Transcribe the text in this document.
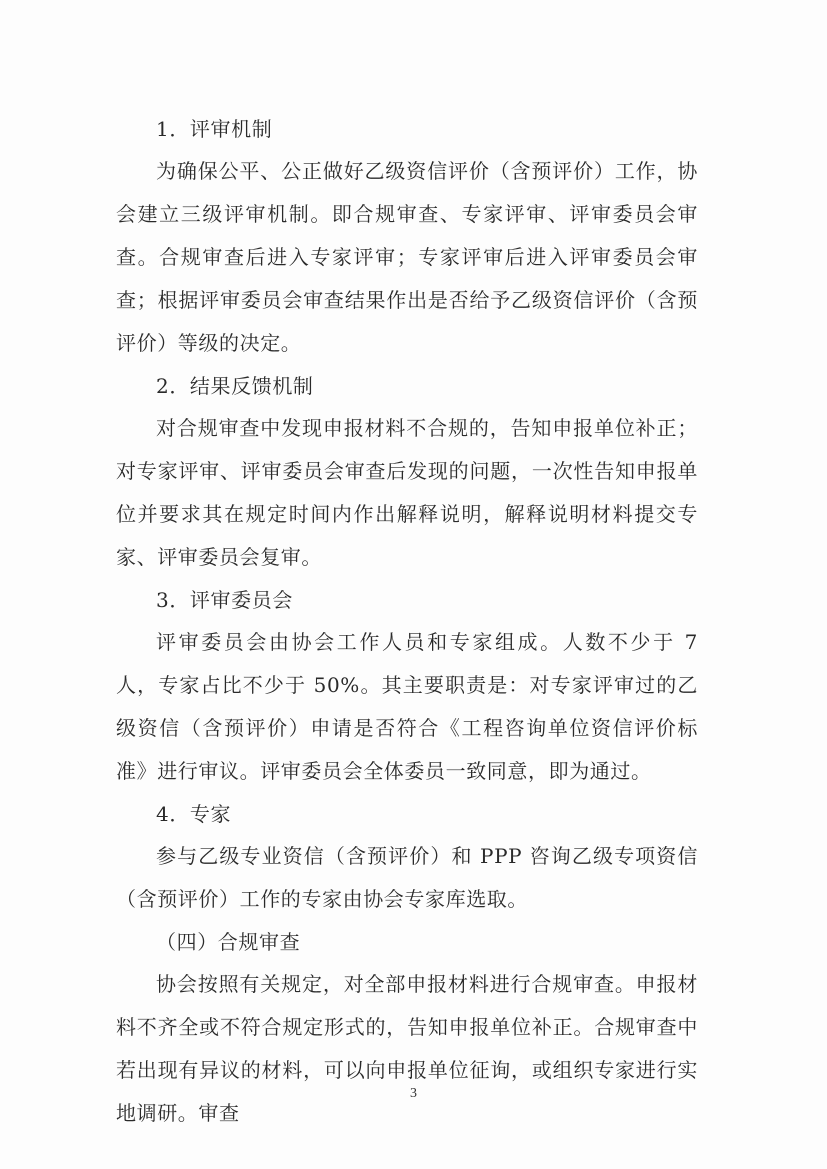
1．评审机制

为确保公平、公正做好乙级资信评价（含预评价）工作，协会建立三级评审机制。即合规审查、专家评审、评审委员会审查。合规审查后进入专家评审；专家评审后进入评审委员会审查；根据评审委员会审查结果作出是否给予乙级资信评价（含预评价）等级的决定。

2．结果反馈机制

对合规审查中发现申报材料不合规的，告知申报单位补正；对专家评审、评审委员会审查后发现的问题，一次性告知申报单位并要求其在规定时间内作出解释说明，解释说明材料提交专家、评审委员会复审。

3．评审委员会

评审委员会由协会工作人员和专家组成。人数不少于 7 人，专家占比不少于 50%。其主要职责是：对专家评审过的乙级资信（含预评价）申请是否符合《工程咨询单位资信评价标准》进行审议。评审委员会全体委员一致同意，即为通过。

4．专家

参与乙级专业资信（含预评价）和 PPP 咨询乙级专项资信（含预评价）工作的专家由协会专家库选取。

（四）合规审查

协会按照有关规定，对全部申报材料进行合规审查。申报材料不齐全或不符合规定形式的，告知申报单位补正。合规审查中若出现有异议的材料，可以向申报单位征询，或组织专家进行实地调研。审查

3
